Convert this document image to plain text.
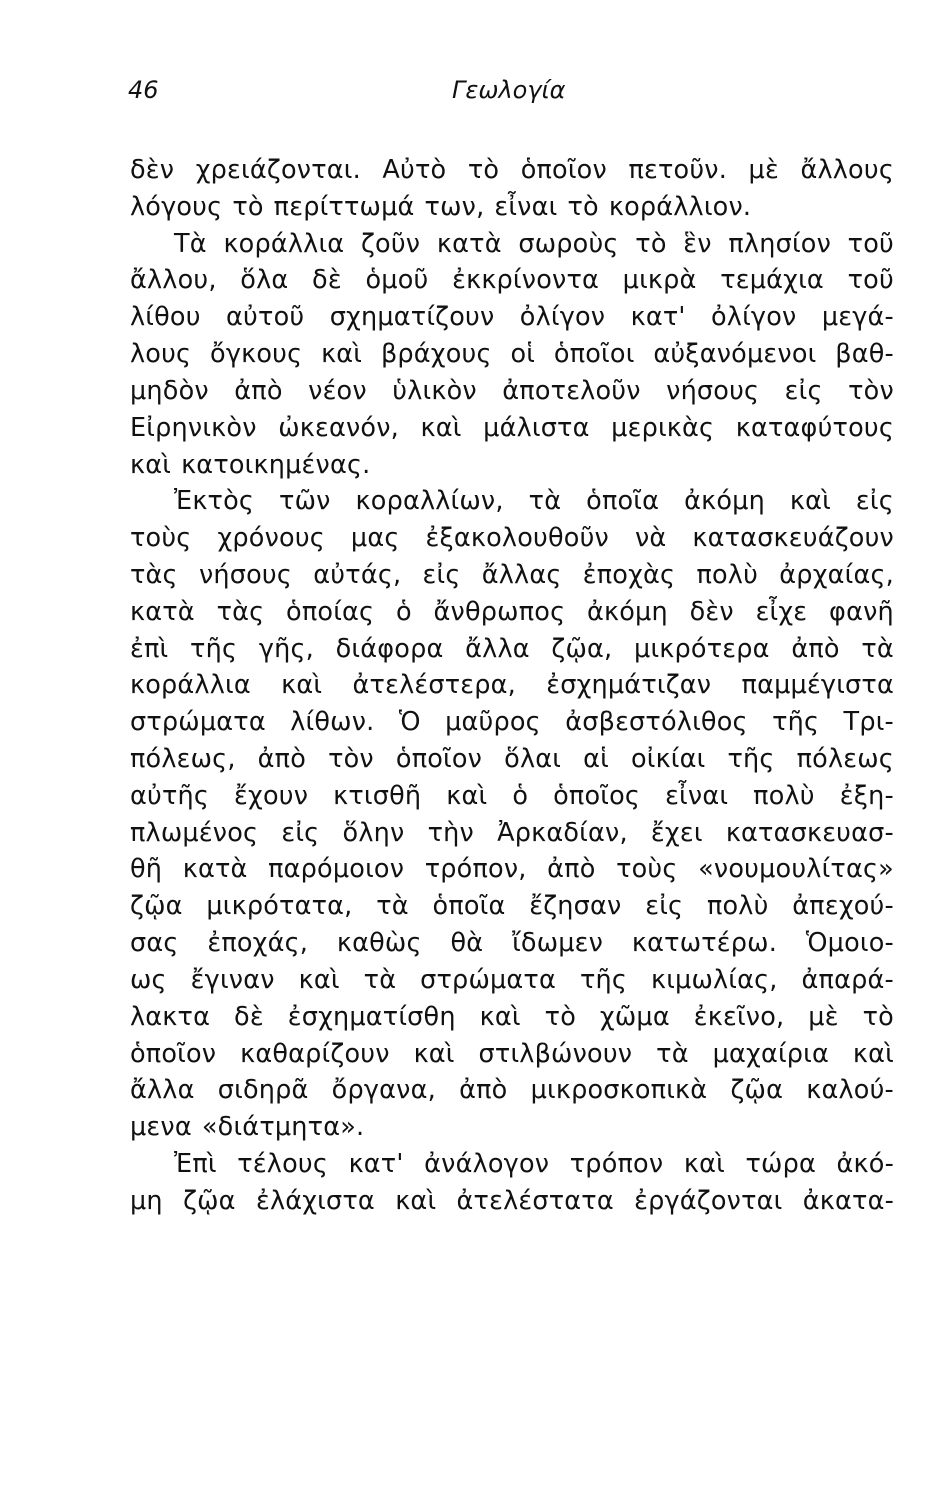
46	Γεωλογία
δὲν χρειάζονται. Αὐτὸ τὸ ὁποῖον πετοῦν. μὲ ἄλλους
λόγους τὸ περίττωμά των, εἶναι τὸ κοράλλιον.
Τὰ κοράλλια ζοῦν κατὰ σωροὺς τὸ ἓν πλησίον τοῦ
ἄλλου, ὅλα δὲ ὁμοῦ ἐκκρίνοντα μικρὰ τεμάχια τοῦ
λίθου αὐτοῦ σχηματίζουν ὀλίγον κατ' ὀλίγον μεγά-
λους ὄγκους καὶ βράχους οἱ ὁποῖοι αὐξανόμενοι βαθ-
μηδὸν ἀπὸ νέον ὑλικὸν ἀποτελοῦν νήσους εἰς τὸν
Εἰρηνικὸν ὠκεανόν, καὶ μάλιστα μερικὰς καταφύτους
καὶ κατοικημένας.
Ἐκτὸς τῶν κοραλλίων, τὰ ὁποῖα ἀκόμη καὶ εἰς
τοὺς χρόνους μας ἐξακολουθοῦν νὰ κατασκευάζουν
τὰς νήσους αὐτάς, εἰς ἄλλας ἐποχὰς πολὺ ἀρχαίας,
κατὰ τὰς ὁποίας ὁ ἄνθρωπος ἀκόμη δὲν εἶχε φανῆ
ἐπὶ τῆς γῆς, διάφορα ἄλλα ζῷα, μικρότερα ἀπὸ τὰ
κοράλλια καὶ ἀτελέστερα, ἐσχημάτιζαν παμμέγιστα
στρώματα λίθων. Ὁ μαῦρος ἀσβεστόλιθος τῆς Τρι-
πόλεως, ἀπὸ τὸν ὁποῖον ὅλαι αἱ οἰκίαι τῆς πόλεως
αὐτῆς ἔχουν κτισθῆ καὶ ὁ ὁποῖος εἶναι πολὺ ἐξη-
πλωμένος εἰς ὅλην τὴν Ἀρκαδίαν, ἔχει κατασκευασ-
θῆ κατὰ παρόμοιον τρόπον, ἀπὸ τοὺς «νουμουλίτας»
ζῷα μικρότατα, τὰ ὁποῖα ἔζησαν εἰς πολὺ ἀπεχού-
σας ἐποχάς, καθὼς θὰ ἴδωμεν κατωτέρω. Ὁμοιο-
ως ἔγιναν καὶ τὰ στρώματα τῆς κιμωλίας, ἀπαρά-
λακτα δὲ ἐσχηματίσθη καὶ τὸ χῶμα ἐκεῖνο, μὲ τὸ
ὁποῖον καθαρίζουν καὶ στιλβώνουν τὰ μαχαίρια καὶ
ἄλλα σιδηρᾶ ὄργανα, ἀπὸ μικροσκοπικὰ ζῷα καλού-
μενα «διάτμητα».
Ἐπὶ τέλους κατ' ἀνάλογον τρόπον καὶ τώρα ἀκό-
μη ζῷα ἐλάχιστα καὶ ἀτελέστατα ἐργάζονται ἀκατα-
